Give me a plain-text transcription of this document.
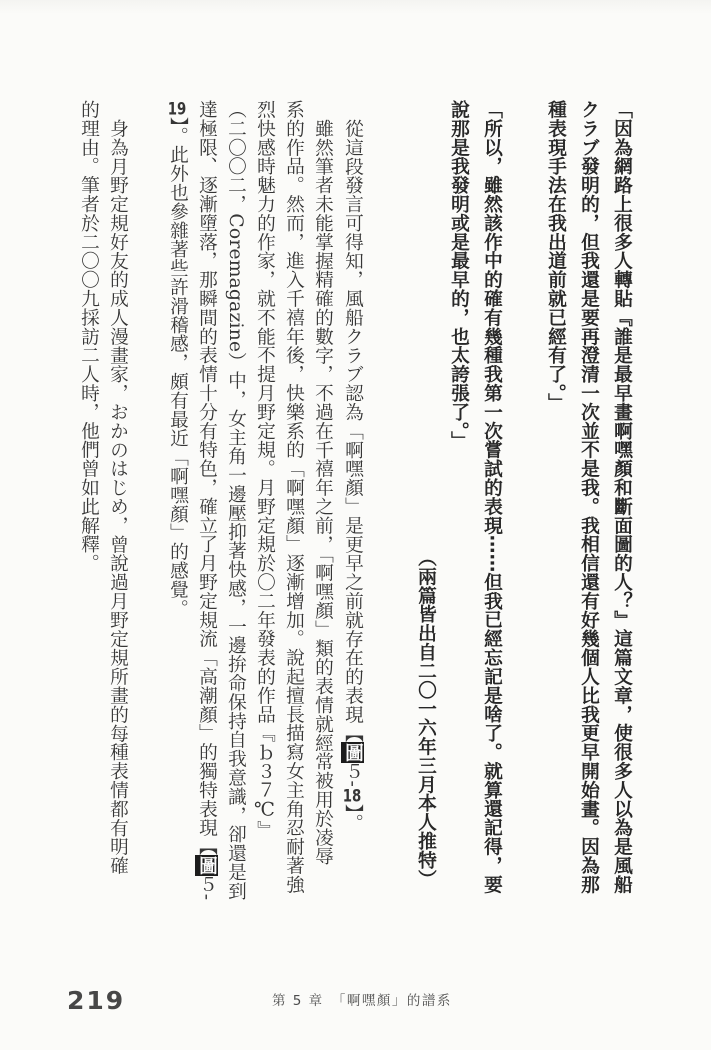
「因為網路上很多人轉貼『誰是最早畫啊嘿顏和斷面圖的人？』這篇文章，使很多人以為是風船
クラブ發明的，但我還是要再澄清一次並不是我。我相信還有好幾個人比我更早開始畫。因為那
種表現手法在我出道前就已經有了。」
「所以，雖然該作中的確有幾種我第一次嘗試的表現⋯⋯但我已經忘記是啥了。就算還記得，要
說那是我發明或是最早的，也太誇張了。」
（兩篇皆出自二〇一六年三月本人推特）
從這段發言可得知，風船クラブ認為「啊嘿顏」是更早之前就存在的表現【圖５-18】。
雖然筆者未能掌握精確的數字，不過在千禧年之前，「啊嘿顏」類的表情就經常被用於凌辱
系的作品。然而，進入千禧年後，快樂系的「啊嘿顏」逐漸增加。說起擅長描寫女主角忍耐著強
烈快感時魅力的作家，就不能不提月野定規。月野定規於〇二年發表的作品『ｂ３７℃』
（二〇〇二，Coremagazine）中，女主角一邊壓抑著快感，一邊拚命保持自我意識，卻還是到
達極限、逐漸墮落，那瞬間的表情十分有特色，確立了月野定規流「高潮顏」的獨特表現【圖５-
19】。此外也參雜著些許滑稽感，頗有最近「啊嘿顏」的感覺。
身為月野定規好友的成人漫畫家，おかのはじめ，曾說過月野定規所畫的每種表情都有明確
的理由。筆者於二〇〇九採訪二人時，他們曾如此解釋。
219	第 5 章　「啊嘿顏」的譜系
